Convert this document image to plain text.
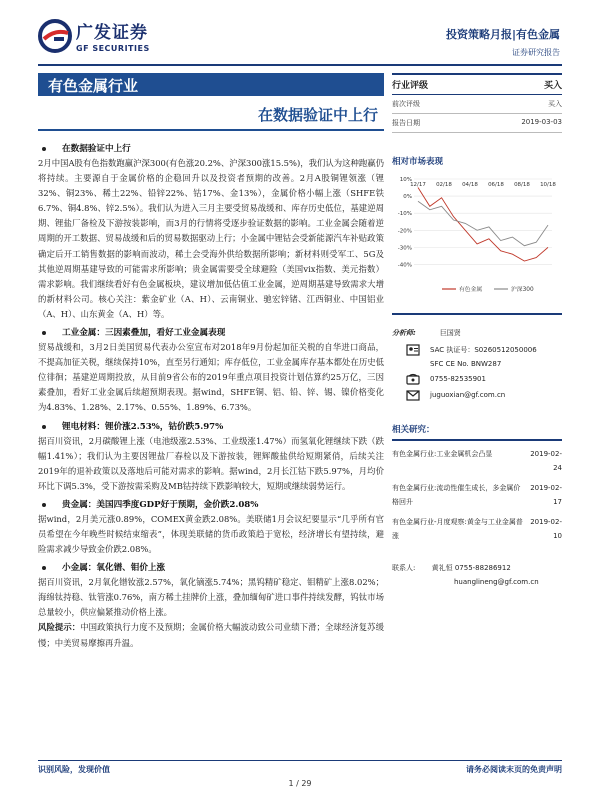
广发证券
GF SECURITIES
投资策略月报|有色金属
证券研究报告
有色金属行业
在数据验证中上行
在数据验证中上行

2月中国A股有色指数跑赢沪深300(有色涨20.2%、沪深300涨15.5%)，我们认为这种跑赢仍将持续。主要源自于金属价格的企稳回升以及投资者预期的改善。2月A股铜锂领涨（锂32%、铜23%、稀土22%、铅锌22%、钴17%、金13%），金属价格小幅上涨（SHFE铁6.7%、铜4.8%、锌2.5%）。我们认为进入三月主要受贸易战缓和、库存历史低位，基建逆周期、锂盐厂备检及下游按装影响，而3月的行情将受逐步验证数据的影响。工业金属会随着逆周期的开工数据、贸易战缓和后的贸易数据驱动上行；小金属中锂钴会受新能源汽车补贴政策确定后开工销售数据的影响而波动，稀土会受海外供给数据所影响；新材料则受军工、5G及其他逆周期基建导致的可能需求所影响；贵金属需要受全球避险（美国vix指数、美元指数）需求影响。我们继续看好有色金属板块，建议增加低估值工业金属，逆周期基建导致需求大增的新材料公司。核心关注：紫金矿业（A、H）、云南铜业、驰宏锌锗、江西铜业、中国铝业（A、H）、山东黄金（A、H）等。

工业金属：三因素叠加，看好工业金属表现

贸易战缓和，3月2日美国贸易代表办公室宣布对2018年9月份起加征关税的自华进口商品，不提高加征关税，继续保持10%，直至另行通知；库存低位，工业金属库存基本都处在历史低位徘徊；基建逆周期投放，从目前9省公布的2019年重点项目投资计划估算约25万亿，三因素叠加，看好工业金属后续超预期表现。据wind，SHFE铜、铝、铅、锌、锡、镍价格变化为4.83%、1.28%、2.17%、0.55%、1.89%、6.73%。

锂电材料：锂价涨2.53%，钴价跌5.97%

据百川资讯，2月碳酸锂上涨（电池级涨2.53%、工业级涨1.47%）而氢氧化锂继续下跌（跌幅1.41%）；我们认为主要因锂盐厂春检以及下游按装，锂辉酸盐供给短期紧俏，后续关注2019年的退补政策以及落地后可能对需求的影响。据wind，2月长江钴下跌5.97%，月均价环比下调5.3%，受下游按需采购及MB钴持续下跌影响较大，短期或继续弱势运行。

贵金属：美国四季度GDP好于预期，金价跌2.08%

据wind，2月美元涨0.89%，COMEX黄金跌2.08%。美联储1月会议纪要显示“几乎所有官员希望在今年晚些时候结束缩表”，体现美联储的货币政策趋于宽松，经济增长有望持续，避险需求减少导致金价跌2.08%。

小金属：氧化镨、钼价上涨

据百川资讯，2月氧化镨钕涨2.57%，氧化镝涨5.74%；黑钨精矿稳定、钼精矿上涨8.02%；海绵钛持稳、钛管涨0.76%，南方稀土挂牌价上涨，叠加缅甸矿进口事件持续发酵，钨钛市场总量较小，供应偏紧推动价格上涨。

风险提示：中国政策执行力度不及预期；金属价格大幅波动致公司业绩下滑；全球经济复苏缓慢；中美贸易摩擦再升温。

行业评级	买入
前次评级	买入
报告日期	2019-03-03
相对市场表现
10%
0%
-10%
-20%
-30%
-40%
12/17 02/18 04/18 06/18 08/18 10/18
有色金属	沪深300
分析师:	巨国贤
SAC 执证号：S0260512050006
SFC CE No. BNW287
0755-82535901
juguoxian@gf.com.cn
相关研究：
有色金属行业:工业金属机会凸显	2019-02-24
有色金属行业:流动性催生成长，多金属价格回升
2019-02-17
有色金属行业-月度观察:黄金与工业金属普涨
2019-02-10
联系人: 黄礼恒 0755-88286912
huanglineng@gf.com.cn
识别风险，发现价值	请务必阅读末页的免责声明
1 / 29
